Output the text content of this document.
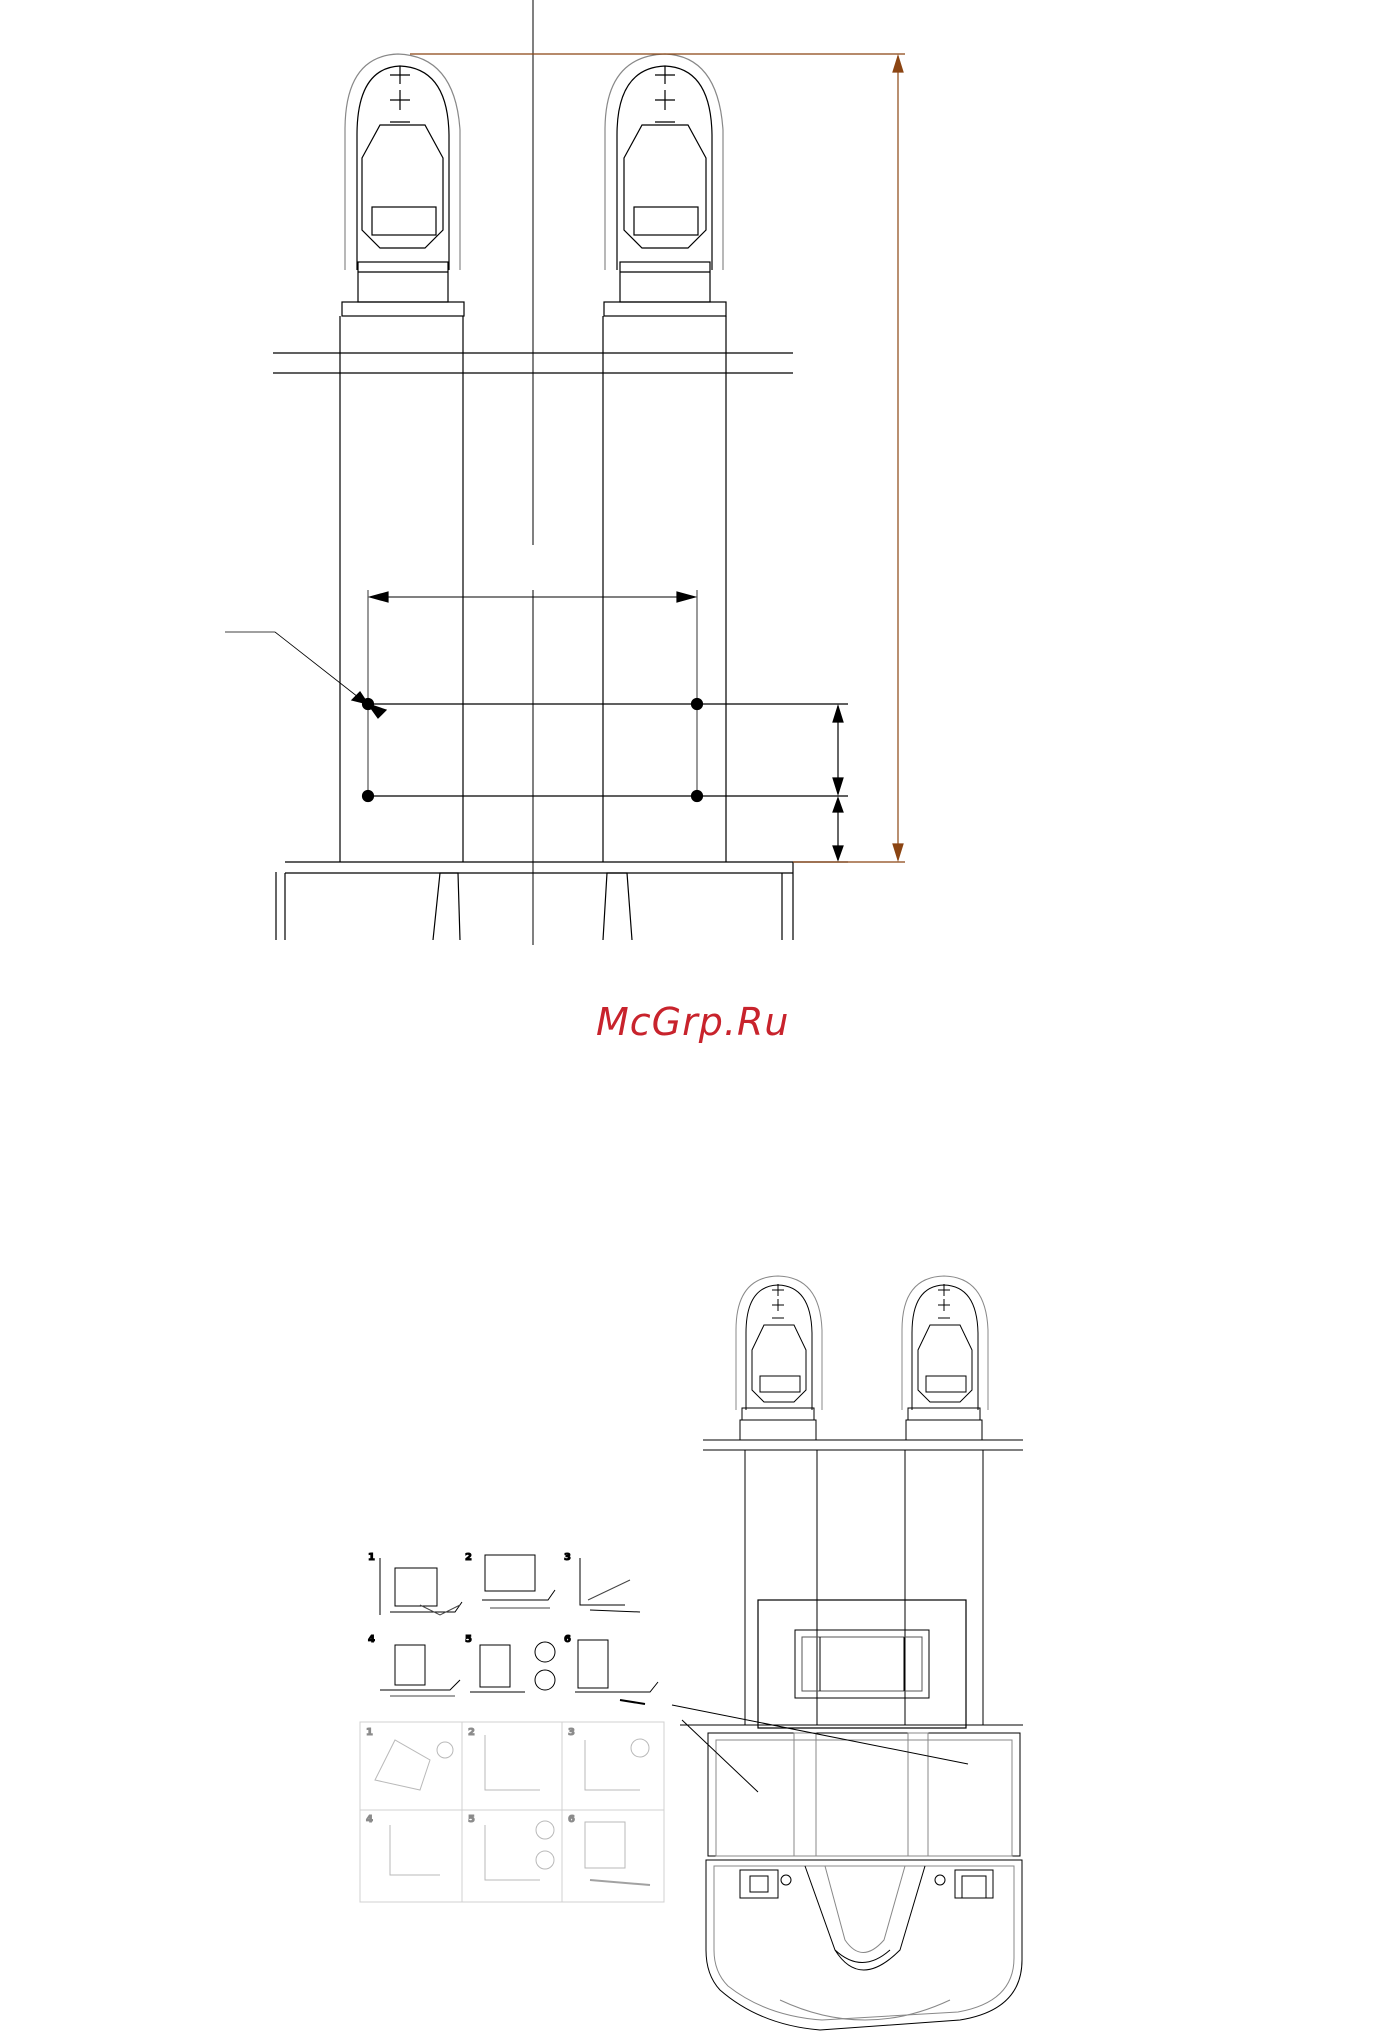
1	2	3
4	5	6
1	2	3
4	5	6
McGrp.Ru
